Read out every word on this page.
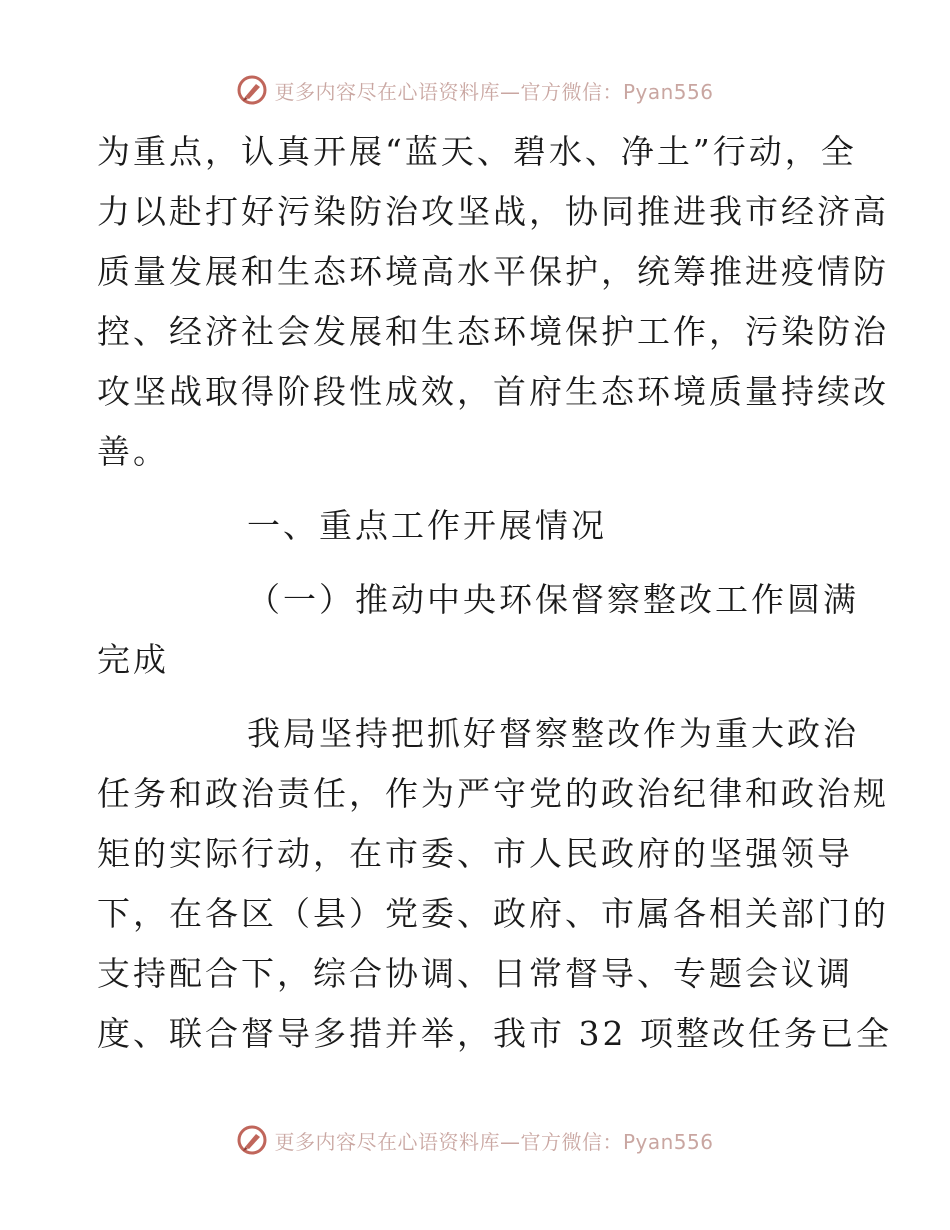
更多内容尽在心语资料库—官方微信：Pyan556
为重点，认真开展“蓝天、碧水、净土”行动，全
力以赴打好污染防治攻坚战，协同推进我市经济高
质量发展和生态环境高水平保护，统筹推进疫情防
控、经济社会发展和生态环境保护工作，污染防治
攻坚战取得阶段性成效，首府生态环境质量持续改
善。
一、重点工作开展情况
（一）推动中央环保督察整改工作圆满
完成
我局坚持把抓好督察整改作为重大政治
任务和政治责任，作为严守党的政治纪律和政治规
矩的实际行动，在市委、市人民政府的坚强领导
下，在各区（县）党委、政府、市属各相关部门的
支持配合下，综合协调、日常督导、专题会议调
度、联合督导多措并举，我市 32 项整改任务已全
更多内容尽在心语资料库—官方微信：Pyan556
